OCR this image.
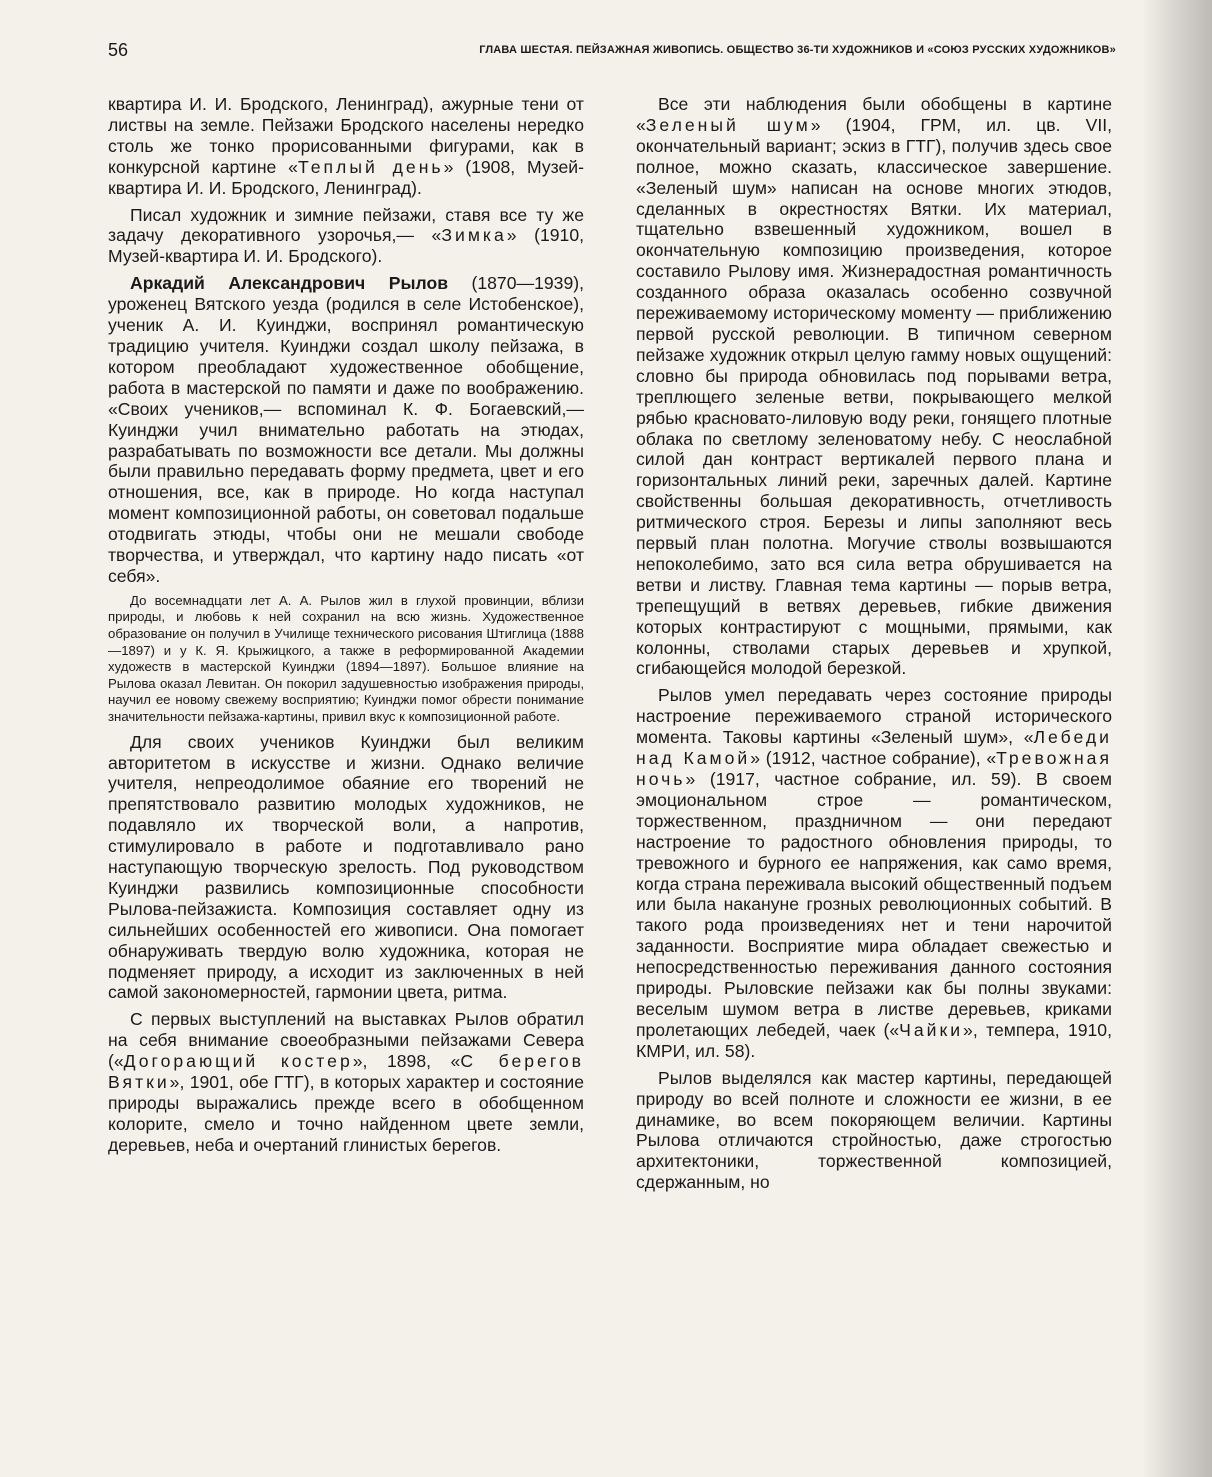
56	ГЛАВА ШЕСТАЯ. ПЕЙЗАЖНАЯ ЖИВОПИСЬ. ОБЩЕСТВО 36-ТИ ХУДОЖНИКОВ И «СОЮЗ РУССКИХ ХУДОЖНИКОВ»

квартира И. И. Бродского, Ленинград), ажурные тени от листвы на земле. Пейзажи Бродского населены нередко столь же тонко прорисованными фигурами, как в конкурсной картине «Теплый день» (1908, Музей-квартира И. И. Бродского, Ленинград).

Писал художник и зимние пейзажи, ставя все ту же задачу декоративного узорочья,— «Зимка» (1910, Музей-квартира И. И. Бродского).

Аркадий Александрович Рылов (1870—1939), уроженец Вятского уезда (родился в селе Истобенское), ученик А. И. Куинджи, воспринял романтическую традицию учителя. Куинджи создал школу пейзажа, в котором преобладают художественное обобщение, работа в мастерской по памяти и даже по воображению. «Своих учеников,— вспоминал К. Ф. Богаевский,— Куинджи учил внимательно работать на этюдах, разрабатывать по возможности все детали. Мы должны были правильно передавать форму предмета, цвет и его отношения, все, как в природе. Но когда наступал момент композиционной работы, он советовал подальше отодвигать этюды, чтобы они не мешали свободе творчества, и утверждал, что картину надо писать «от себя».

До восемнадцати лет А. А. Рылов жил в глухой провинции, вблизи природы, и любовь к ней сохранил на всю жизнь. Художественное образование он получил в Училище технического рисования Штиглица (1888—1897) и у К. Я. Крыжицкого, а также в реформированной Академии художеств в мастерской Куинджи (1894—1897). Большое влияние на Рылова оказал Левитан. Он покорил задушевностью изображения природы, научил ее новому свежему восприятию; Куинджи помог обрести понимание значительности пейзажа-картины, привил вкус к композиционной работе.

Для своих учеников Куинджи был великим авторитетом в искусстве и жизни. Однако величие учителя, непреодолимое обаяние его творений не препятствовало развитию молодых художников, не подавляло их творческой воли, а напротив, стимулировало в работе и подготавливало рано наступающую творческую зрелость. Под руководством Куинджи развились композиционные способности Рылова-пейзажиста. Композиция составляет одну из сильнейших особенностей его живописи. Она помогает обнаруживать твердую волю художника, которая не подменяет природу, а исходит из заключенных в ней самой закономерностей, гармонии цвета, ритма.

С первых выступлений на выставках Рылов обратил на себя внимание своеобразными пейзажами Севера («Догорающий костер», 1898, «С берегов Вятки», 1901, обе ГТГ), в которых характер и состояние природы выражались прежде всего в обобщенном колорите, смело и точно найденном цвете земли, деревьев, неба и очертаний глинистых берегов.

Все эти наблюдения были обобщены в картине «Зеленый шум» (1904, ГРМ, ил. цв. VII, окончательный вариант; эскиз в ГТГ), получив здесь свое полное, можно сказать, классическое завершение. «Зеленый шум» написан на основе многих этюдов, сделанных в окрестностях Вятки. Их материал, тщательно взвешенный художником, вошел в окончательную композицию произведения, которое составило Рылову имя. Жизнерадостная романтичность созданного образа оказалась особенно созвучной переживаемому историческому моменту — приближению первой русской революции. В типичном северном пейзаже художник открыл целую гамму новых ощущений: словно бы природа обновилась под порывами ветра, треплющего зеленые ветви, покрывающего мелкой рябью красновато-лиловую воду реки, гонящего плотные облака по светлому зеленоватому небу. С неослабной силой дан контраст вертикалей первого плана и горизонтальных линий реки, заречных далей. Картине свойственны большая декоративность, отчетливость ритмического строя. Березы и липы заполняют весь первый план полотна. Могучие стволы возвышаются непоколебимо, зато вся сила ветра обрушивается на ветви и листву. Главная тема картины — порыв ветра, трепещущий в ветвях деревьев, гибкие движения которых контрастируют с мощными, прямыми, как колонны, стволами старых деревьев и хрупкой, сгибающейся молодой березкой.

Рылов умел передавать через состояние природы настроение переживаемого страной исторического момента. Таковы картины «Зеленый шум», «Лебеди над Камой» (1912, частное собрание), «Тревожная ночь» (1917, частное собрание, ил. 59). В своем эмоциональном строе — романтическом, торжественном, праздничном — они передают настроение то радостного обновления природы, то тревожного и бурного ее напряжения, как само время, когда страна переживала высокий общественный подъем или была накануне грозных революционных событий. В такого рода произведениях нет и тени нарочитой заданности. Восприятие мира обладает свежестью и непосредственностью переживания данного состояния природы. Рыловские пейзажи как бы полны звуками: веселым шумом ветра в листве деревьев, криками пролетающих лебедей, чаек («Чайки», темпера, 1910, КМРИ, ил. 58).

Рылов выделялся как мастер картины, передающей природу во всей полноте и сложности ее жизни, в ее динамике, во всем покоряющем величии. Картины Рылова отличаются стройностью, даже строгостью архитектоники, торжественной композицией, сдержанным, но
